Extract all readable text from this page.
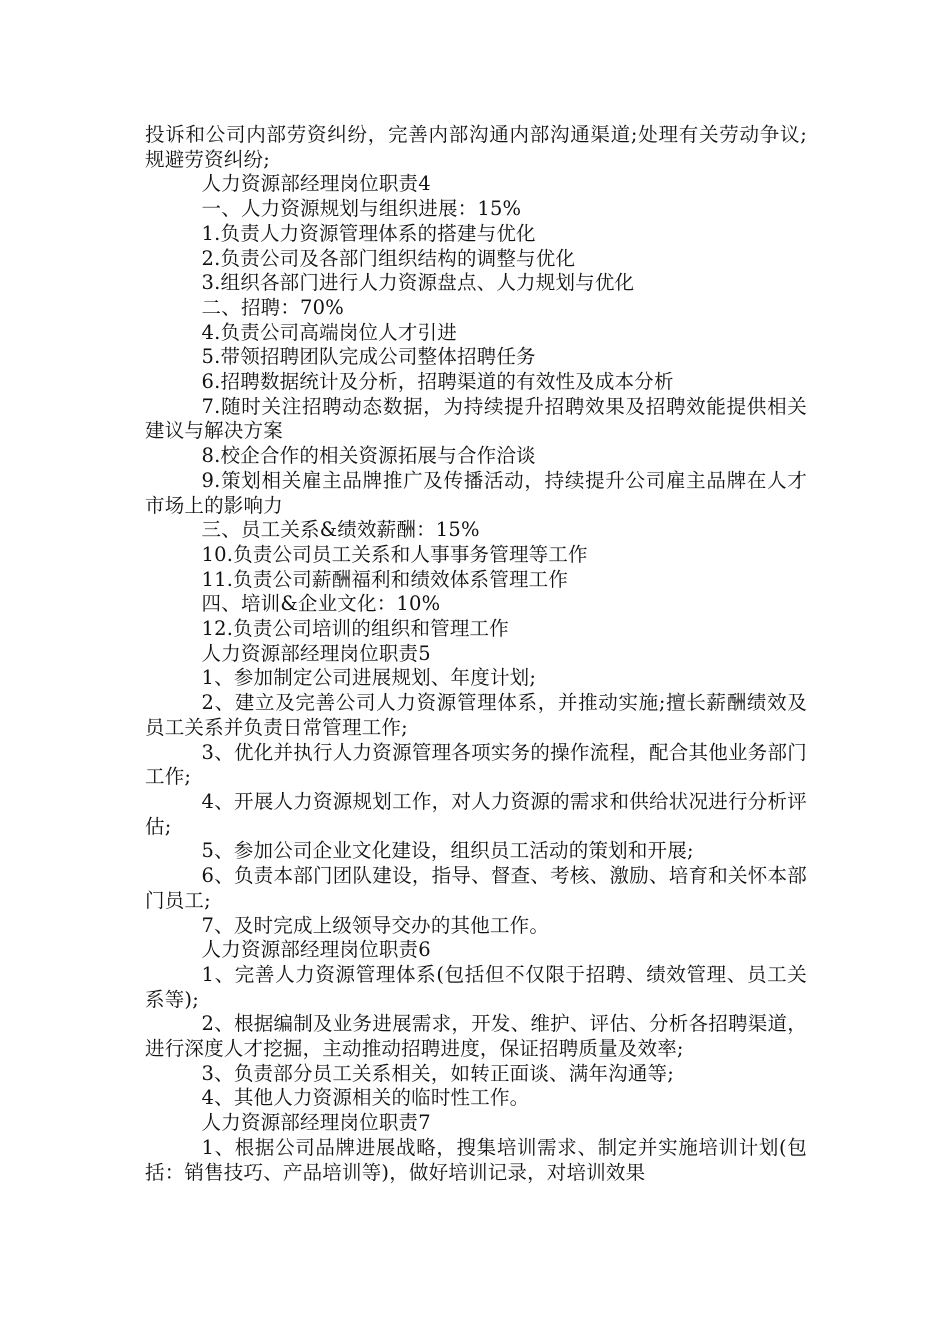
投诉和公司内部劳资纠纷，完善内部沟通内部沟通渠道;处理有关劳动争议;规避劳资纠纷;

人力资源部经理岗位职责4

一、人力资源规划与组织进展：15%

1.负责人力资源管理体系的搭建与优化

2.负责公司及各部门组织结构的调整与优化

3.组织各部门进行人力资源盘点、人力规划与优化

二、招聘：70%

4.负责公司高端岗位人才引进

5.带领招聘团队完成公司整体招聘任务

6.招聘数据统计及分析，招聘渠道的有效性及成本分析

7.随时关注招聘动态数据，为持续提升招聘效果及招聘效能提供相关建议与解决方案

8.校企合作的相关资源拓展与合作洽谈

9.策划相关雇主品牌推广及传播活动，持续提升公司雇主品牌在人才市场上的影响力

三、员工关系&绩效薪酬：15%

10.负责公司员工关系和人事事务管理等工作

11.负责公司薪酬福利和绩效体系管理工作

四、培训&企业文化：10%

12.负责公司培训的组织和管理工作

人力资源部经理岗位职责5

1、参加制定公司进展规划、年度计划;

2、建立及完善公司人力资源管理体系，并推动实施;擅长薪酬绩效及员工关系并负责日常管理工作;

3、优化并执行人力资源管理各项实务的操作流程，配合其他业务部门工作;

4、开展人力资源规划工作，对人力资源的需求和供给状况进行分析评估;

5、参加公司企业文化建设，组织员工活动的策划和开展;

6、负责本部门团队建设，指导、督查、考核、激励、培育和关怀本部门员工;

7、及时完成上级领导交办的其他工作。

人力资源部经理岗位职责6

1、完善人力资源管理体系(包括但不仅限于招聘、绩效管理、员工关系等);

2、根据编制及业务进展需求，开发、维护、评估、分析各招聘渠道，进行深度人才挖掘，主动推动招聘进度，保证招聘质量及效率;

3、负责部分员工关系相关，如转正面谈、满年沟通等;

4、其他人力资源相关的临时性工作。

人力资源部经理岗位职责7

1、根据公司品牌进展战略，搜集培训需求、制定并实施培训计划(包括：销售技巧、产品培训等)，做好培训记录，对培训效果
